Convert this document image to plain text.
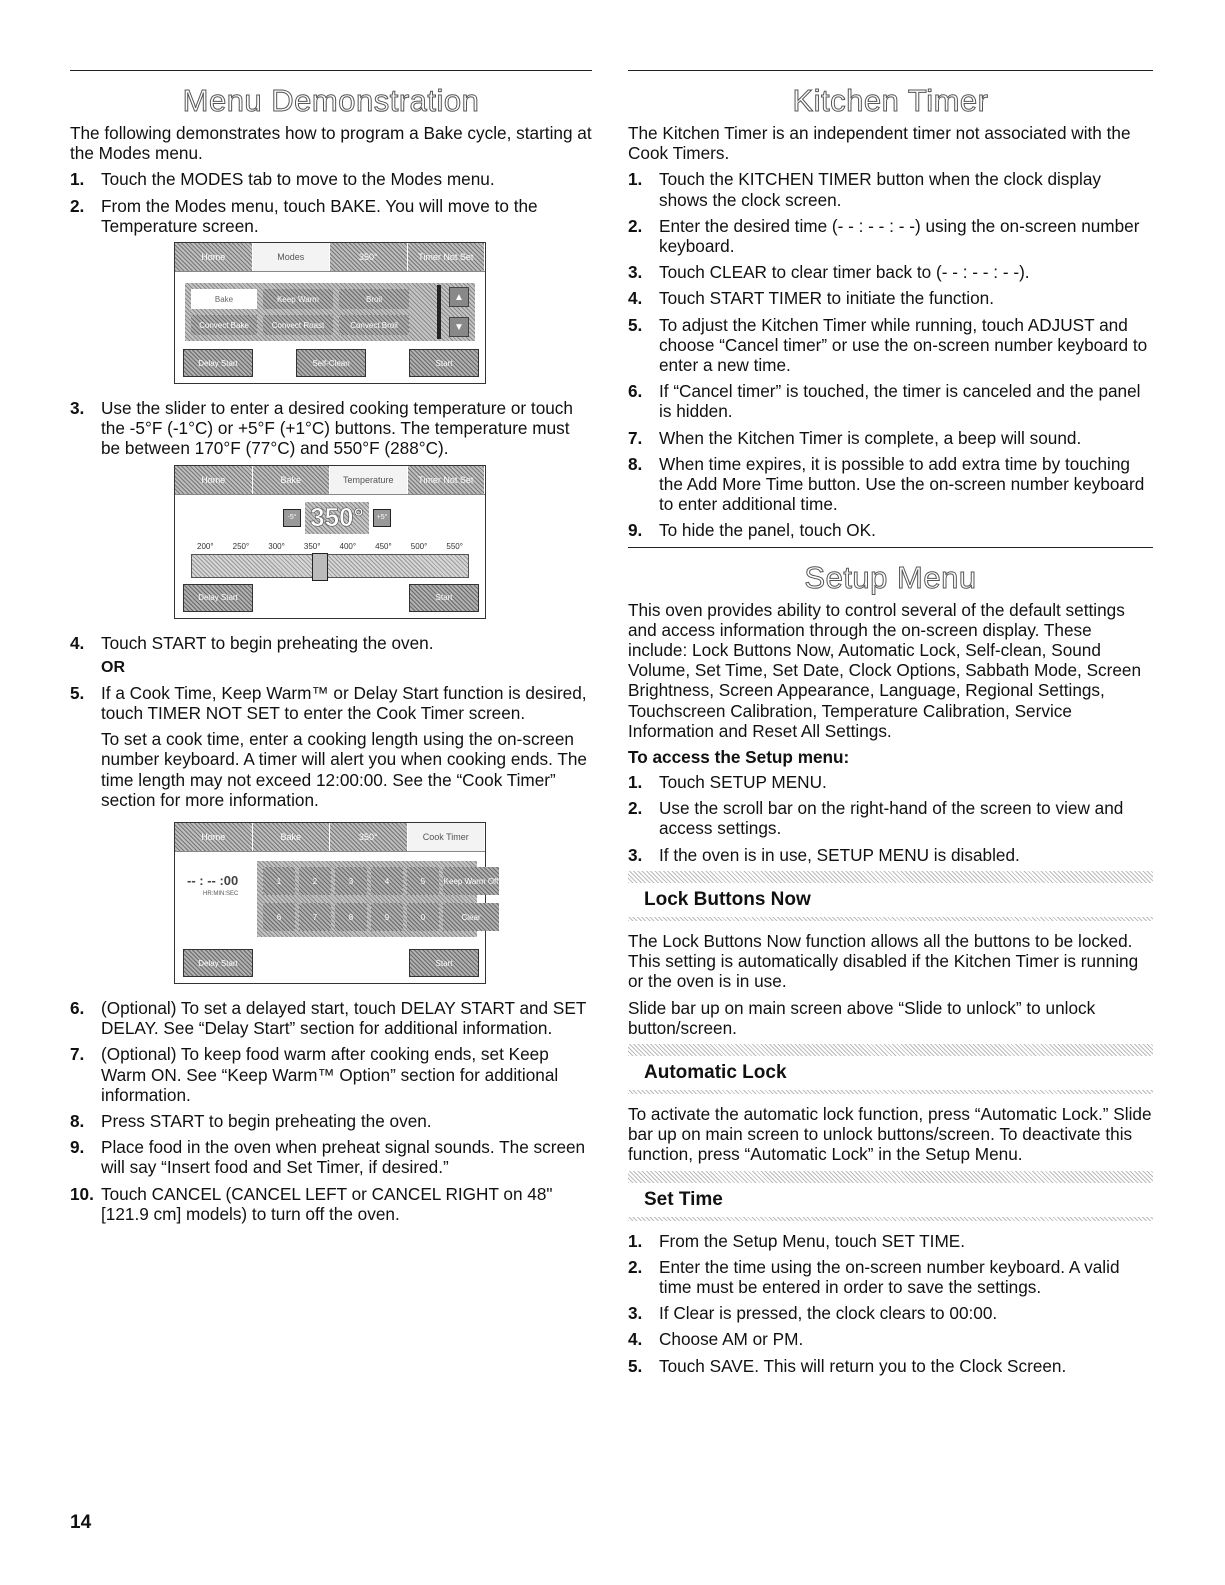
Menu Demonstration

The following demonstrates how to program a Bake cycle, starting at the Modes menu.

1. Touch the MODES tab to move to the Modes menu.
2. From the Modes menu, touch BAKE. You will move to the Temperature screen.
Home	Modes	350°	Timer Not Set
Bake	Keep Warm	Broil
Convect Bake	Convect Roast	Convect Broil
▲
▼
Delay Start	Self-Clean	Start
3. Use the slider to enter a desired cooking temperature or touch the -5°F (-1°C) or +5°F (+1°C) buttons. The temperature must be between 170°F (77°C) and 550°F (288°C).
Home	Bake	Temperature	Timer Not Set
-5° 350°	+5°
200° 250° 300° 350° 400° 450° 500° 550°
Delay Start	Start
4. Touch START to begin preheating the oven.
OR
5. If a Cook Time, Keep Warm™ or Delay Start function is desired, touch TIMER NOT SET to enter the Cook Timer screen.

To set a cook time, enter a cooking length using the on-screen number keyboard. A timer will alert you when cooking ends. The time length may not exceed 12:00:00. See the “Cook Timer” section for more information.

Home	Bake	350°	Cook Timer
-- : -- :00
HR:MIN:SEC
1	2	3	4	5	Keep Warm Off
6	7	8	9	0	Clear
Delay Start	Start
6. (Optional) To set a delayed start, touch DELAY START and SET DELAY. See “Delay Start” section for additional information.
7. (Optional) To keep food warm after cooking ends, set Keep Warm ON. See “Keep Warm™ Option” section for additional information.
8. Press START to begin preheating the oven.
9. Place food in the oven when preheat signal sounds. The screen will say “Insert food and Set Timer, if desired.”
10. Touch CANCEL (CANCEL LEFT or CANCEL RIGHT on 48" [121.9 cm] models) to turn off the oven.
Kitchen Timer

The Kitchen Timer is an independent timer not associated with the Cook Timers.

1. Touch the KITCHEN TIMER button when the clock display shows the clock screen.
2. Enter the desired time (- - : - - : - -) using the on-screen number keyboard.
3. Touch CLEAR to clear timer back to (- - : - - : - -).
4. Touch START TIMER to initiate the function.
5. To adjust the Kitchen Timer while running, touch ADJUST and choose “Cancel timer” or use the on-screen number keyboard to enter a new time.
6. If “Cancel timer” is touched, the timer is canceled and the panel is hidden.
7. When the Kitchen Timer is complete, a beep will sound.
8. When time expires, it is possible to add extra time by touching the Add More Time button. Use the on-screen number keyboard to enter additional time.
9. To hide the panel, touch OK.
Setup Menu

This oven provides ability to control several of the default settings and access information through the on-screen display. These include: Lock Buttons Now, Automatic Lock, Self-clean, Sound Volume, Set Time, Set Date, Clock Options, Sabbath Mode, Screen Brightness, Screen Appearance, Language, Regional Settings, Touchscreen Calibration, Temperature Calibration, Service Information and Reset All Settings.

To access the Setup menu:
1. Touch SETUP MENU.
2. Use the scroll bar on the right-hand of the screen to view and access settings.
3. If the oven is in use, SETUP MENU is disabled.
Lock Buttons Now

The Lock Buttons Now function allows all the buttons to be locked. This setting is automatically disabled if the Kitchen Timer is running or the oven is in use.

Slide bar up on main screen above “Slide to unlock” to unlock button/screen.

Automatic Lock

To activate the automatic lock function, press “Automatic Lock.” Slide bar up on main screen to unlock buttons/screen. To deactivate this function, press “Automatic Lock” in the Setup Menu.

Set Time
1. From the Setup Menu, touch SET TIME.
2. Enter the time using the on-screen number keyboard. A valid time must be entered in order to save the settings.
3. If Clear is pressed, the clock clears to 00:00.
4. Choose AM or PM.
5. Touch SAVE. This will return you to the Clock Screen.
14
